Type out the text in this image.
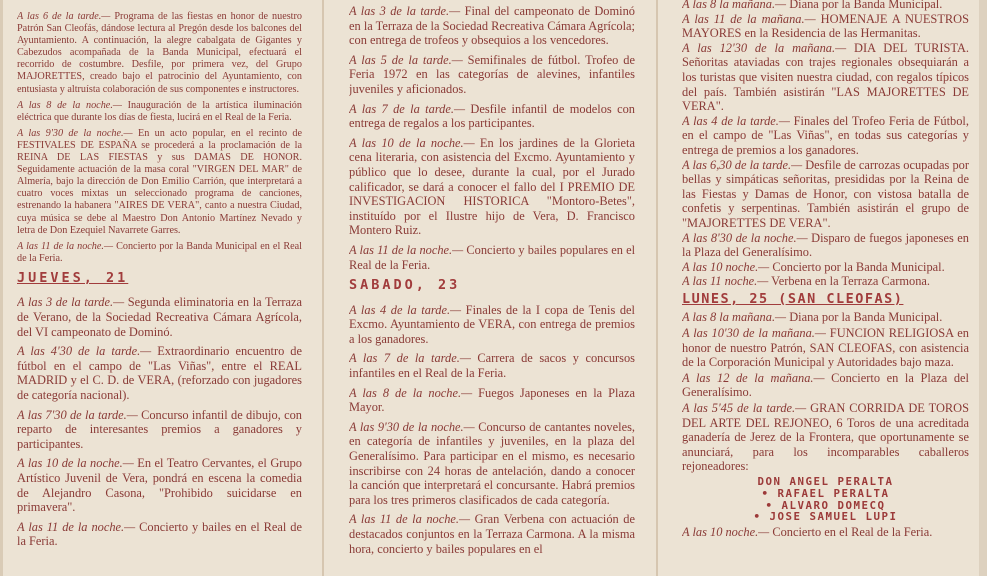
A las 6 de la tarde.— Programa de las fiestas en honor de nuestro Patrón San Cleofás, dándose lectura al Pregón desde los balcones del Ayuntamiento. A continuación, la alegre cabalgata de Gigantes y Cabezudos acompañada de la Banda Municipal, efectuará el recorrido de costumbre. Desfile, por primera vez, del Grupo MAJORETTES, creado bajo el patrocinio del Ayuntamiento, con entusiasta y altruísta colaboración de sus componentes e instructores.

A las 8 de la noche.— Inauguración de la artística iluminación eléctrica que durante los días de fiesta, lucirá en el Real de la Feria.

A las 9'30 de la noche.— En un acto popular, en el recinto de FESTIVALES DE ESPAÑA se procederá a la proclamación de la REINA DE LAS FIESTAS y sus DAMAS DE HONOR. Seguidamente actuación de la masa coral "VIRGEN DEL MAR" de Almería, bajo la dirección de Don Emilio Carrión, que interpretará a cuatro voces mixtas un seleccionado programa de canciones, estrenando la habanera "AIRES DE VERA", canto a nuestra Ciudad, cuya música se debe al Maestro Don Antonio Martínez Nevado y letra de Don Ezequiel Navarrete Garres.

A las 11 de la noche.— Concierto por la Banda Municipal en el Real de la Feria.

JUEVES, 21

A las 3 de la tarde.— Segunda eliminatoria en la Terraza de Verano, de la Sociedad Recreativa Cámara Agrícola, del VI campeonato de Dominó.

A las 4'30 de la tarde.— Extraordinario encuentro de fútbol en el campo de "Las Viñas", entre el REAL MADRID y el C. D. de VERA, (reforzado con jugadores de categoría nacional).

A las 7'30 de la tarde.— Concurso infantil de dibujo, con reparto de interesantes premios a ganadores y participantes.

A las 10 de la noche.— En el Teatro Cervantes, el Grupo Artístico Juvenil de Vera, pondrá en escena la comedia de Alejandro Casona, "Prohibido suicidarse en primavera".

A las 11 de la noche.— Concierto y bailes en el Real de la Feria.

A las 3 de la tarde.— Final del campeonato de Dominó en la Terraza de la Sociedad Recreativa Cámara Agrícola; con entrega de trofeos y obsequios a los vencedores.

A las 5 de la tarde.— Semifinales de fútbol. Trofeo de Feria 1972 en las categorías de alevines, infantiles juveniles y aficionados.

A las 7 de la tarde.— Desfile infantil de modelos con entrega de regalos a los participantes.

A las 10 de la noche.— En los jardines de la Glorieta cena literaria, con asistencia del Excmo. Ayuntamiento y público que lo desee, durante la cual, por el Jurado calificador, se dará a conocer el fallo del I PREMIO DE INVESTIGACION HISTORICA "Montoro-Betes", instituído por el Ilustre hijo de Vera, D. Francisco Montero Ruiz.

A las 11 de la noche.— Concierto y bailes populares en el Real de la Feria.

SABADO, 23

A las 4 de la tarde.— Finales de la I copa de Tenis del Excmo. Ayuntamiento de VERA, con entrega de premios a los ganadores.

A las 7 de la tarde.— Carrera de sacos y concursos infantiles en el Real de la Feria.

A las 8 de la noche.— Fuegos Japoneses en la Plaza Mayor.

A las 9'30 de la noche.— Concurso de cantantes noveles, en categoría de infantiles y juveniles, en la plaza del Generalísimo. Para participar en el mismo, es necesario inscribirse con 24 horas de antelación, dando a conocer la canción que interpretará el concursante. Habrá premios para los tres primeros clasificados de cada categoría.

A las 11 de la noche.— Gran Verbena con actuación de destacados conjuntos en la Terraza Carmona. A la misma hora, concierto y bailes populares en el

A las 8 la mañana.— Diana por la Banda Municipal.

A las 11 de la mañana.— HOMENAJE A NUESTROS MAYORES en la Residencia de las Hermanitas.

A las 12'30 de la mañana.— DIA DEL TURISTA. Señoritas ataviadas con trajes regionales obsequiarán a los turistas que visiten nuestra ciudad, con regalos típicos del país. También asistirán "LAS MAJORETTES DE VERA".

A las 4 de la tarde.— Finales del Trofeo Feria de Fútbol, en el campo de "Las Viñas", en todas sus categorías y entrega de premios a los ganadores.

A las 6,30 de la tarde.— Desfile de carrozas ocupadas por bellas y simpáticas señoritas, presididas por la Reina de las Fiestas y Damas de Honor, con vistosa batalla de confetis y serpentinas. También asistirán el grupo de "MAJORETTES DE VERA".

A las 8'30 de la noche.— Disparo de fuegos japoneses en la Plaza del Generalísimo.

A las 10 noche.— Concierto por la Banda Municipal.

A las 11 noche.— Verbena en la Terraza Carmona.

LUNES, 25 (SAN CLEOFAS)

A las 8 la mañana.— Diana por la Banda Municipal.

A las 10'30 de la mañana.— FUNCION RELIGIOSA en honor de nuestro Patrón, SAN CLEOFAS, con asistencia de la Corporación Municipal y Autoridades bajo maza.

A las 12 de la mañana.— Concierto en la Plaza del Generalísimo.

A las 5'45 de la tarde.— GRAN CORRIDA DE TOROS DEL ARTE DEL REJONEO, 6 Toros de una acreditada ganadería de Jerez de la Frontera, que oportunamente se anunciará, para los incomparables caballeros rejoneadores:

DON ANGEL PERALTA
• RAFAEL PERALTA
• ALVARO DOMECQ
• JOSE SAMUEL LUPI

A las 10 noche.— Concierto en el Real de la Feria.
